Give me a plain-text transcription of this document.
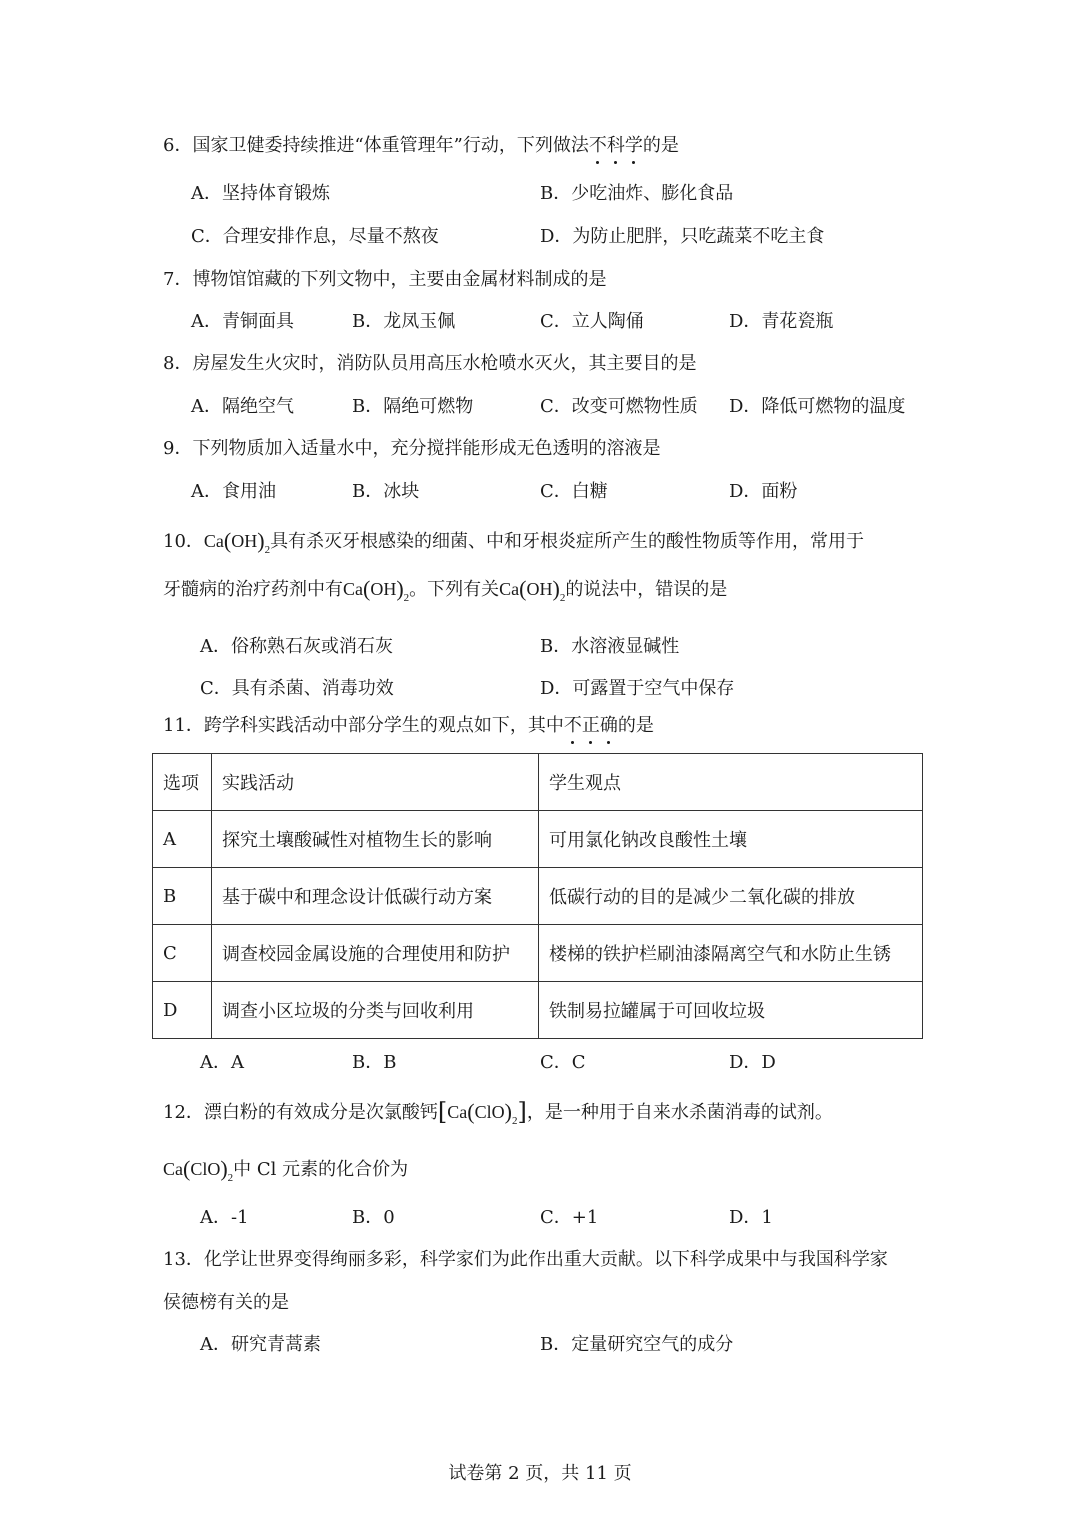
6．国家卫健委持续推进“体重管理年”行动，下列做法不科学的是
A．坚持体育锻炼	B．少吃油炸、膨化食品
C．合理安排作息，尽量不熬夜	D．为防止肥胖，只吃蔬菜不吃主食
7．博物馆馆藏的下列文物中，主要由金属材料制成的是
A．青铜面具	B．龙凤玉佩	C．立人陶俑	D．青花瓷瓶
8．房屋发生火灾时，消防队员用高压水枪喷水灭火，其主要目的是
A．隔绝空气	B．隔绝可燃物	C．改变可燃物性质 D．降低可燃物的温度
9．下列物质加入适量水中，充分搅拌能形成无色透明的溶液是
A．食用油	B．冰块	C．白糖	D．面粉
10．$Ca(OH)_2$具有杀灭牙根感染的细菌、中和牙根炎症所产生的酸性物质等作用，常用于
牙髓病的治疗药剂中有$Ca(OH)_2$。下列有关$Ca(OH)_2$的说法中，错误的是
A．俗称熟石灰或消石灰	B．水溶液显碱性
C．具有杀菌、消毒功效	D．可露置于空气中保存
11．跨学科实践活动中部分学生的观点如下，其中不正确的是
选项	实践活动	学生观点
A	探究土壤酸碱性对植物生长的影响	可用氯化钠改良酸性土壤
B	基于碳中和理念设计低碳行动方案	低碳行动的目的是减少二氧化碳的排放
C	调查校园金属设施的合理使用和防护	楼梯的铁护栏刷油漆隔离空气和水防止生锈
D	调查小区垃圾的分类与回收利用	铁制易拉罐属于可回收垃圾
A．A	B．B	C．C	D．D
12．漂白粉的有效成分是次氯酸钙$[Ca(ClO)_2]$，是一种用于自来水杀菌消毒的试剂。
$Ca(ClO)_2$中 Cl 元素的化合价为
A．-1	B．0	C．+1	D．1
13．化学让世界变得绚丽多彩，科学家们为此作出重大贡献。以下科学成果中与我国科学家
侯德榜有关的是
A．研究青蒿素	B．定量研究空气的成分
试卷第 2 页，共 11 页
